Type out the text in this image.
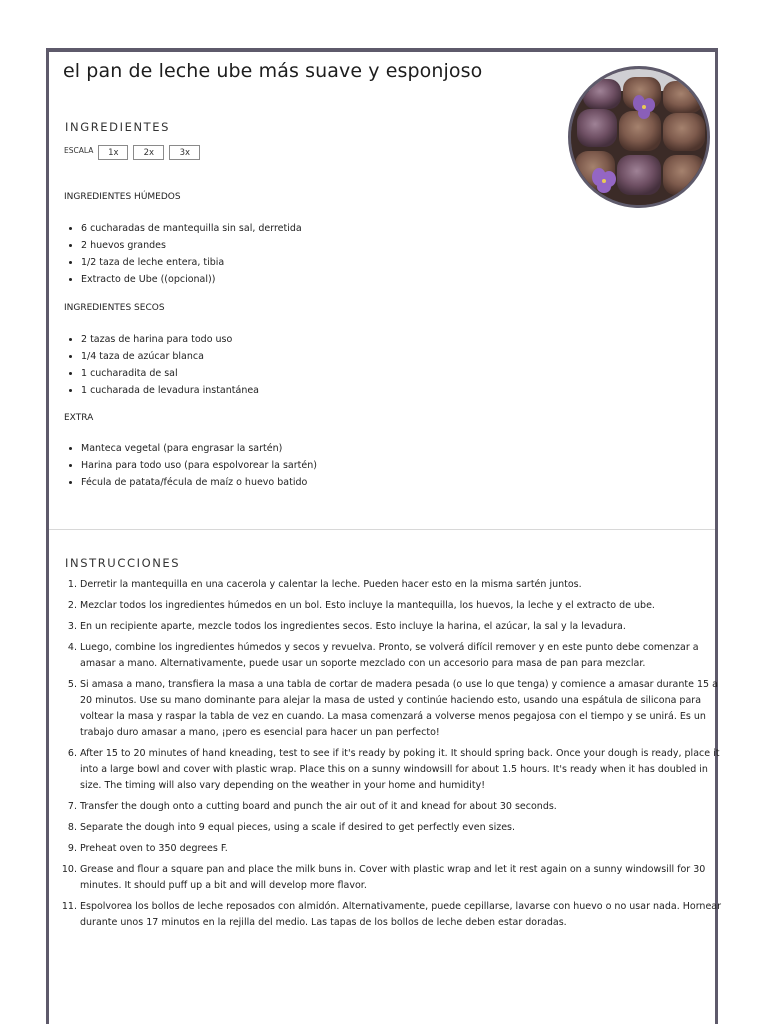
el pan de leche ube más suave y esponjoso
INGREDIENTES
ESCALA	1x	2x	3x
INGREDIENTES HÚMEDOS
• 6 cucharadas de mantequilla sin sal, derretida
• 2 huevos grandes
• 1/2 taza de leche entera, tibia
• Extracto de Ube ((opcional))
INGREDIENTES SECOS
• 2 tazas de harina para todo uso
• 1/4 taza de azúcar blanca
• 1 cucharadita de sal
• 1 cucharada de levadura instantánea
EXTRA
• Manteca vegetal (para engrasar la sartén)
• Harina para todo uso (para espolvorear la sartén)
• Fécula de patata/fécula de maíz o huevo batido
INSTRUCCIONES
1. Derretir la mantequilla en una cacerola y calentar la leche. Pueden hacer esto en la misma sartén juntos.
2. Mezclar todos los ingredientes húmedos en un bol. Esto incluye la mantequilla, los huevos, la leche y el extracto de ube.
3. En un recipiente aparte, mezcle todos los ingredientes secos. Esto incluye la harina, el azúcar, la sal y la levadura.
4. Luego, combine los ingredientes húmedos y secos y revuelva. Pronto, se volverá difícil remover y en este punto debe comenzar a amasar a mano. Alternativamente, puede usar un soporte mezclado con un accesorio para masa de pan para mezclar.
5. Si amasa a mano, transfiera la masa a una tabla de cortar de madera pesada (o use lo que tenga) y comience a amasar durante 15 a 20 minutos. Use su mano dominante para alejar la masa de usted y continúe haciendo esto, usando una espátula de silicona para voltear la masa y raspar la tabla de vez en cuando. La masa comenzará a volverse menos pegajosa con el tiempo y se unirá. Es un trabajo duro amasar a mano, ¡pero es esencial para hacer un pan perfecto!
6. After 15 to 20 minutes of hand kneading, test to see if it's ready by poking it. It should spring back. Once your dough is ready, place it into a large bowl and cover with plastic wrap. Place this on a sunny windowsill for about 1.5 hours. It's ready when it has doubled in size. The timing will also vary depending on the weather in your home and humidity!
7. Transfer the dough onto a cutting board and punch the air out of it and knead for about 30 seconds.
8. Separate the dough into 9 equal pieces, using a scale if desired to get perfectly even sizes.
9. Preheat oven to 350 degrees F.
10. Grease and flour a square pan and place the milk buns in. Cover with plastic wrap and let it rest again on a sunny windowsill for 30 minutes. It should puff up a bit and will develop more flavor.
11. Espolvorea los bollos de leche reposados con almidón. Alternativamente, puede cepillarse, lavarse con huevo o no usar nada. Hornear durante unos 17 minutos en la rejilla del medio. Las tapas de los bollos de leche deben estar doradas.
